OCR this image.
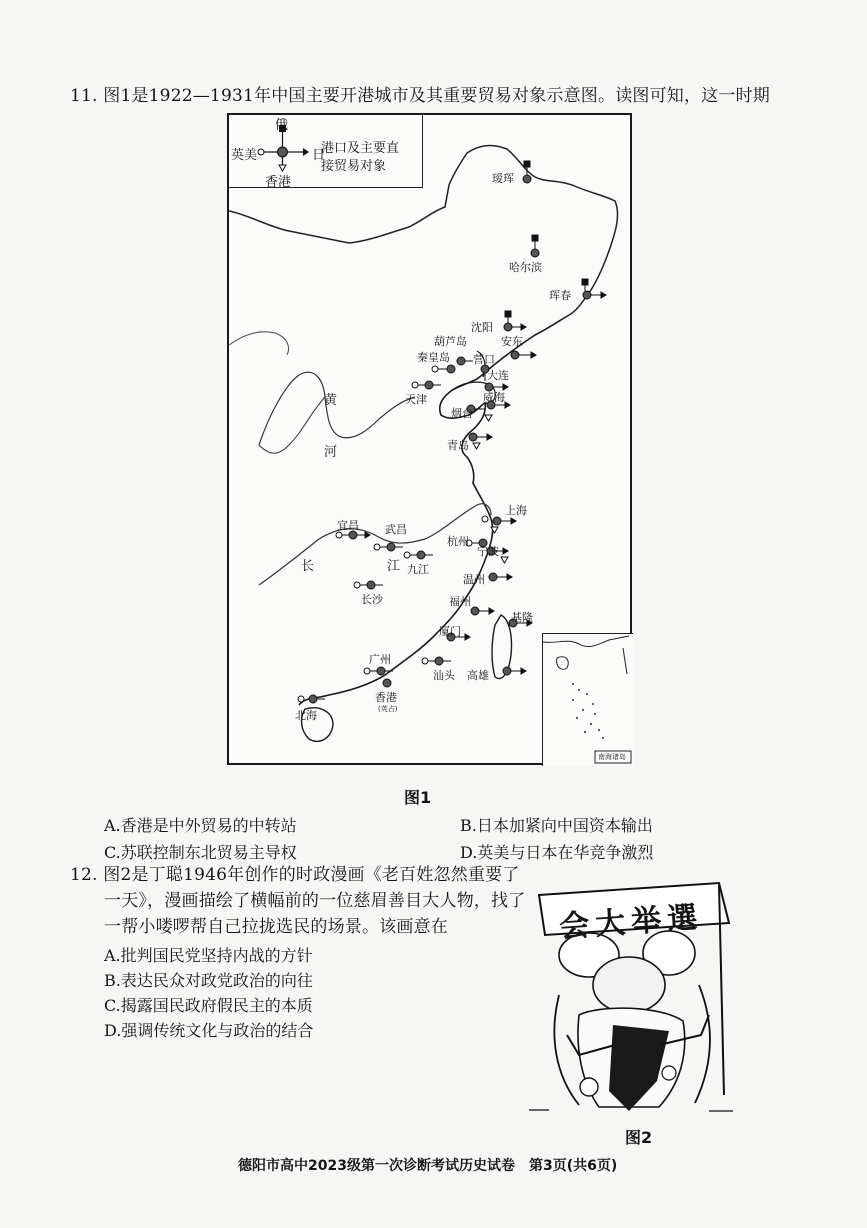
11. 图1是1922—1931年中国主要开港城市及其重要贸易对象示意图。读图可知，这一时期
俄
英美	日
香港
港口及主要直
接贸易对象
瑷珲
哈尔滨
珲春
沈阳
葫芦岛	安东
秦皇岛 营口
大连
天津	威海
烟台
青岛
上海
宜昌 武昌
杭州
宁波
九江
长沙
温州
福州
基隆
厦门
广州
汕头 高雄
香港
(英占)
北海
黄
河
长	江
南海诸岛
图1
A.香港是中外贸易的中转站	B.日本加紧向中国资本输出
C.苏联控制东北贸易主导权	D.英美与日本在华竞争激烈
12. 图2是丁聪1946年创作的时政漫画《老百姓忽然重要了
一天》，漫画描绘了横幅前的一位慈眉善目大人物，找了
一帮小喽啰帮自己拉拢选民的场景。该画意在
A.批判国民党坚持内战的方针
B.表达民众对政党政治的向往
C.揭露国民政府假民主的本质
D.强调传统文化与政治的结合
会大举選
图2
德阳市高中2023级第一次诊断考试历史试卷　第3页(共6页)
